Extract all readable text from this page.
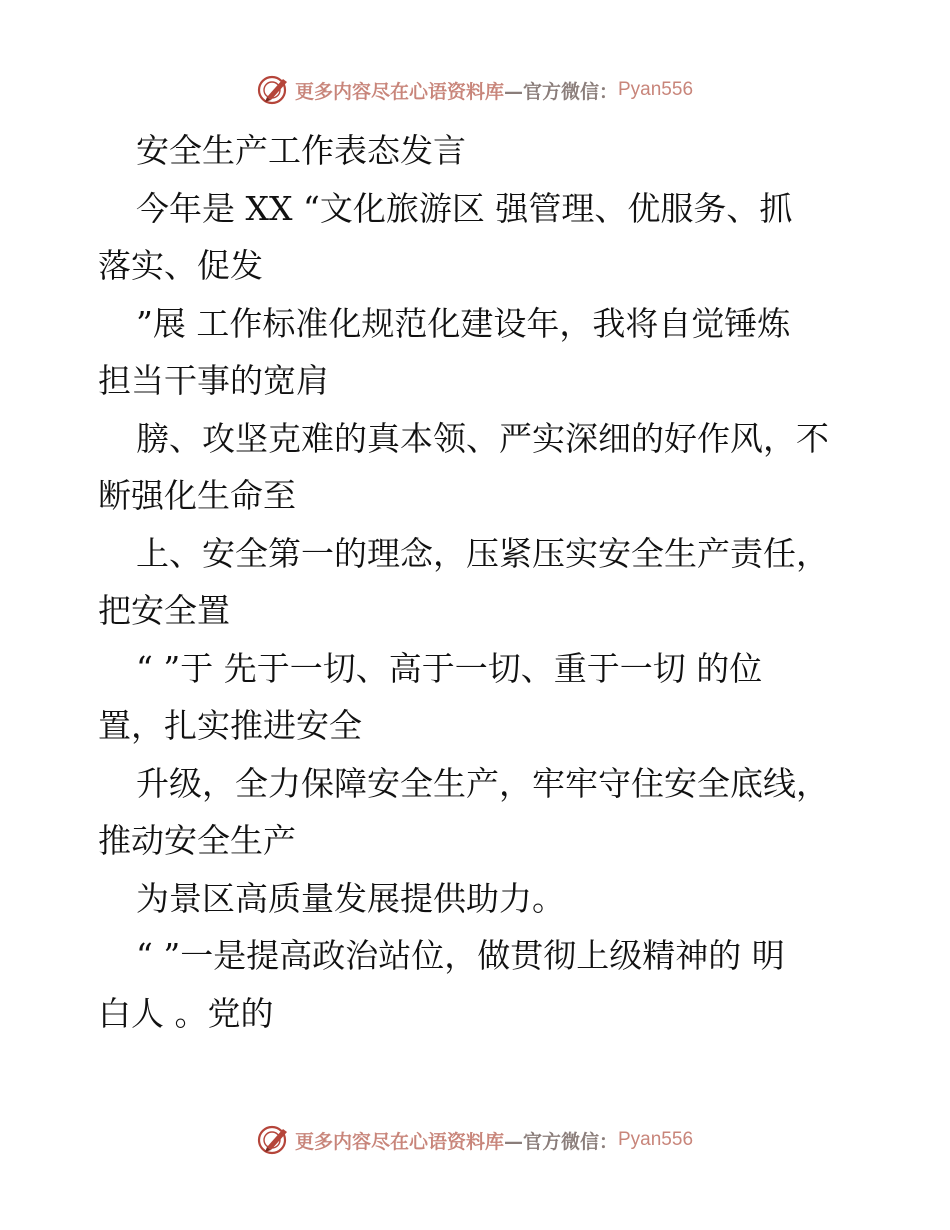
更多内容尽在心语资料库 —官方微信： Pyan556
安全生产工作表态发言
今年是 XX “文化旅游区 强管理、优服务、抓
落实、促发
”展 工作标准化规范化建设年，我将自觉锤炼
担当干事的宽肩
膀、攻坚克难的真本领、严实深细的好作风，不
断强化生命至
上、安全第一的理念，压紧压实安全生产责任，
把安全置
“ ”于 先于一切、高于一切、重于一切 的位
置，扎实推进安全
升级，全力保障安全生产，牢牢守住安全底线，
推动安全生产
为景区高质量发展提供助力。
“ ”一是提高政治站位，做贯彻上级精神的 明
白人 。党的
更多内容尽在心语资料库 —官方微信： Pyan556
